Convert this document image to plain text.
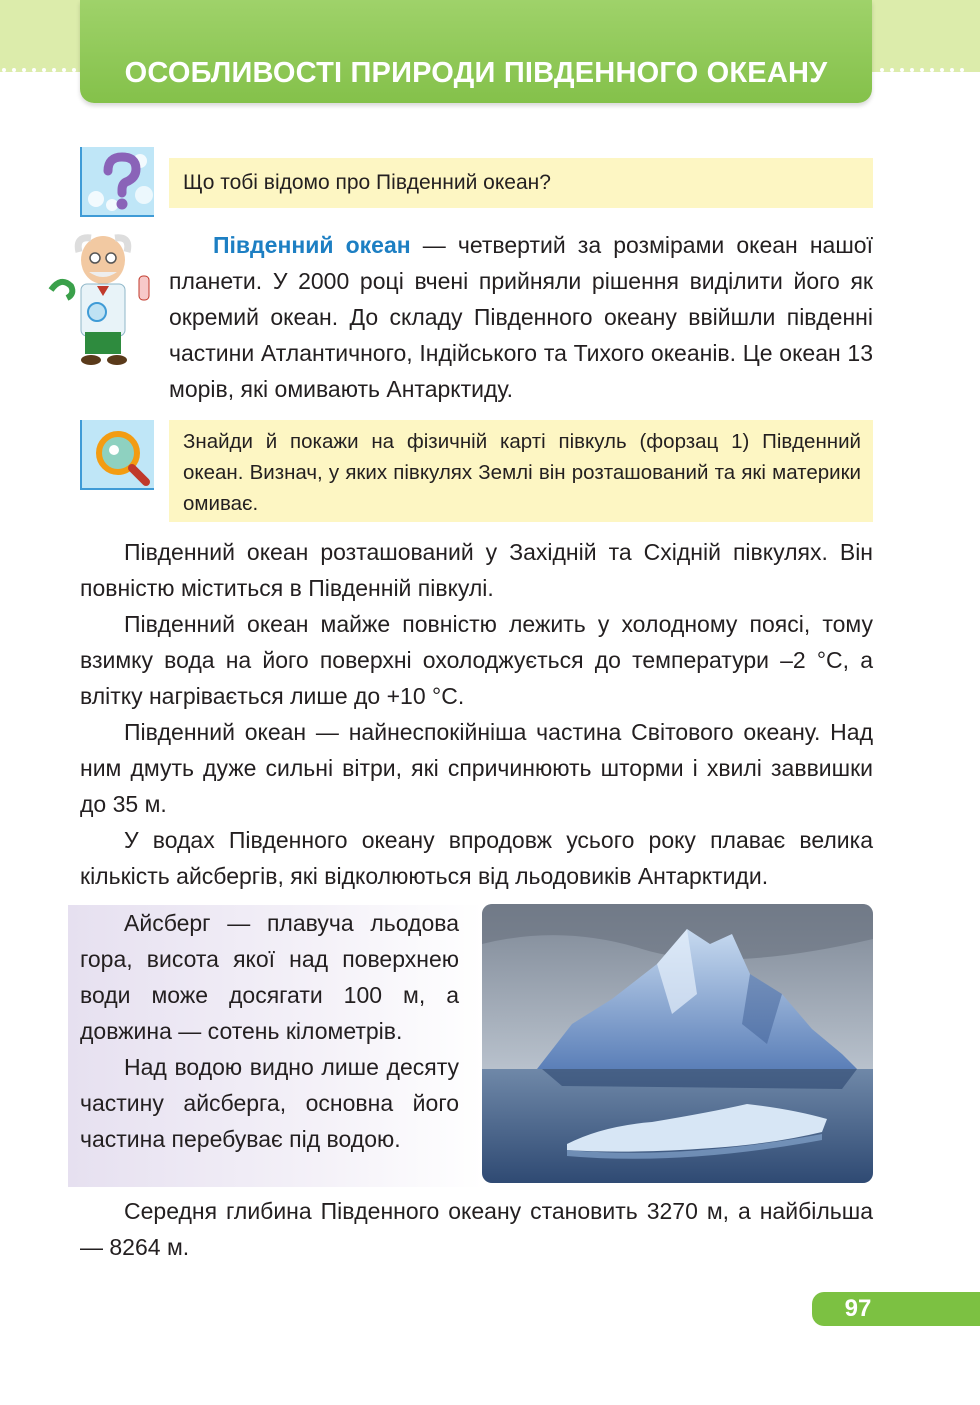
ОСОБЛИВОСТІ ПРИРОДИ ПІВДЕННОГО ОКЕАНУ
Що тобі відомо про Південний океан?

Південний океан — четвертий за розмірами океан нашої планети. У 2000 році вчені прийняли рішення виділити його як окремий океан. До складу Південного океану ввійшли південні частини Атлантичного, Індійського та Тихого океанів. Це океан 13 морів, які омивають Антарктиду.

Знайди й покажи на фізичній карті півкуль (форзац 1) Південний океан. Визнач, у яких півкулях Землі він розташований та які материки омиває.

Південний океан розташований у Західній та Східній півкулях. Він повністю міститься в Південній півкулі.

Південний океан майже повністю лежить у холодному поясі, тому взимку вода на його поверхні охолоджується до температури –2 °С, а влітку нагрівається лише до +10 °С.

Південний океан — найнеспокійніша частина Світового океану. Над ним дмуть дуже сильні вітри, які спричинюють шторми і хвилі заввишки до 35 м.

У водах Південного океану впродовж усього року плаває велика кількість айсбергів, які відколюються від льодовиків Антарктиди.

Айсберг — плавуча льодова гора, висота якої над поверхнею води може досягати 100 м, а довжина — сотень кілометрів.

Над водою видно лише десяту частину айсберга, основна його частина перебуває під водою.

Середня глибина Південного океану становить 3270 м, а найбільша — 8264 м.

97
